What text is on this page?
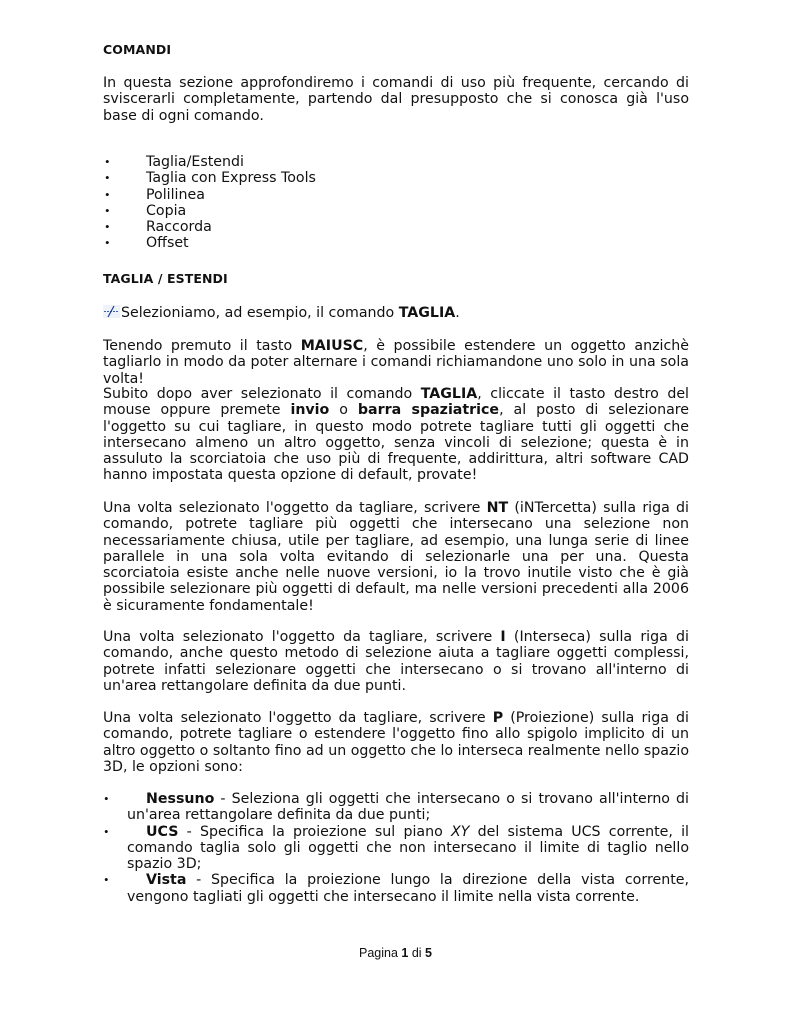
COMANDI

In questa sezione approfondiremo i comandi di uso più frequente, cercando di sviscerarli completamente, partendo dal presupposto che si conosca già l'uso base di ogni comando.

• Taglia/Estendi
• Taglia con Express Tools
• Polilinea
• Copia
• Raccorda
• Offset
TAGLIA / ESTENDI

Selezioniamo, ad esempio, il comando TAGLIA.

Tenendo premuto il tasto MAIUSC, è possibile estendere un oggetto anzichè tagliarlo in modo da poter alternare i comandi richiamandone uno solo in una sola volta!

Subito dopo aver selezionato il comando TAGLIA, cliccate il tasto destro del mouse oppure premete invio o barra spaziatrice, al posto di selezionare l'oggetto su cui tagliare, in questo modo potrete tagliare tutti gli oggetti che intersecano almeno un altro oggetto, senza vincoli di selezione; questa è in assuluto la scorciatoia che uso più di frequente, addirittura, altri software CAD hanno impostata questa opzione di default, provate!

Una volta selezionato l'oggetto da tagliare, scrivere NT (iNTercetta) sulla riga di comando, potrete tagliare più oggetti che intersecano una selezione non necessariamente chiusa, utile per tagliare, ad esempio, una lunga serie di linee parallele in una sola volta evitando di selezionarle una per una. Questa scorciatoia esiste anche nelle nuove versioni, io la trovo inutile visto che è già possibile selezionare più oggetti di default, ma nelle versioni precedenti alla 2006 è sicuramente fondamentale!

Una volta selezionato l'oggetto da tagliare, scrivere I (Interseca) sulla riga di comando, anche questo metodo di selezione aiuta a tagliare oggetti complessi, potrete infatti selezionare oggetti che intersecano o si trovano all'interno di un'area rettangolare definita da due punti.

Una volta selezionato l'oggetto da tagliare, scrivere P (Proiezione) sulla riga di comando, potrete tagliare o estendere l'oggetto fino allo spigolo implicito di un altro oggetto o soltanto fino ad un oggetto che lo interseca realmente nello spazio 3D, le opzioni sono:

• Nessuno - Seleziona gli oggetti che intersecano o si trovano all'interno di un'area rettangolare definita da due punti;
• UCS - Specifica la proiezione sul piano XY del sistema UCS corrente, il comando taglia solo gli oggetti che non intersecano il limite di taglio nello spazio 3D;
• Vista - Specifica la proiezione lungo la direzione della vista corrente, vengono tagliati gli oggetti che intersecano il limite nella vista corrente.
Pagina 1 di 5
